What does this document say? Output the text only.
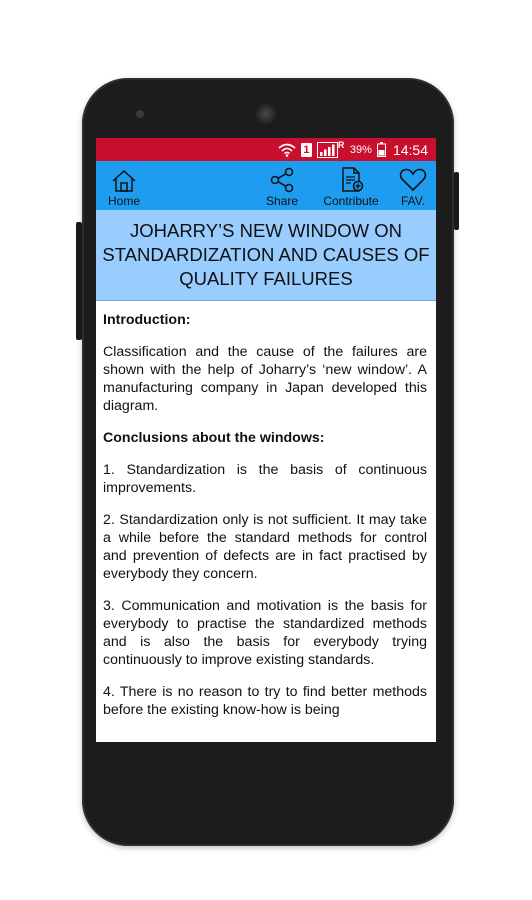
1	R 39% 14:54
Home	Share	Contribute	FAV.
JOHARRY’S NEW WINDOW ON STANDARDIZATION AND CAUSES OF QUALITY FAILURES

Introduction:

Classification and the cause of the failures are shown with the help of Joharry’s ‘new window’. A manufacturing company in Japan developed this diagram.

Conclusions about the windows:

1. Standardization is the basis of continuous improvements.

2. Standardization only is not sufficient. It may take a while before the standard methods for control and prevention of defects are in fact practised by everybody they concern.

3. Communication and motivation is the basis for everybody to practise the standardized methods and is also the basis for everybody trying continuously to improve existing standards.

4. There is no reason to try to find better methods before the existing know-how is being
